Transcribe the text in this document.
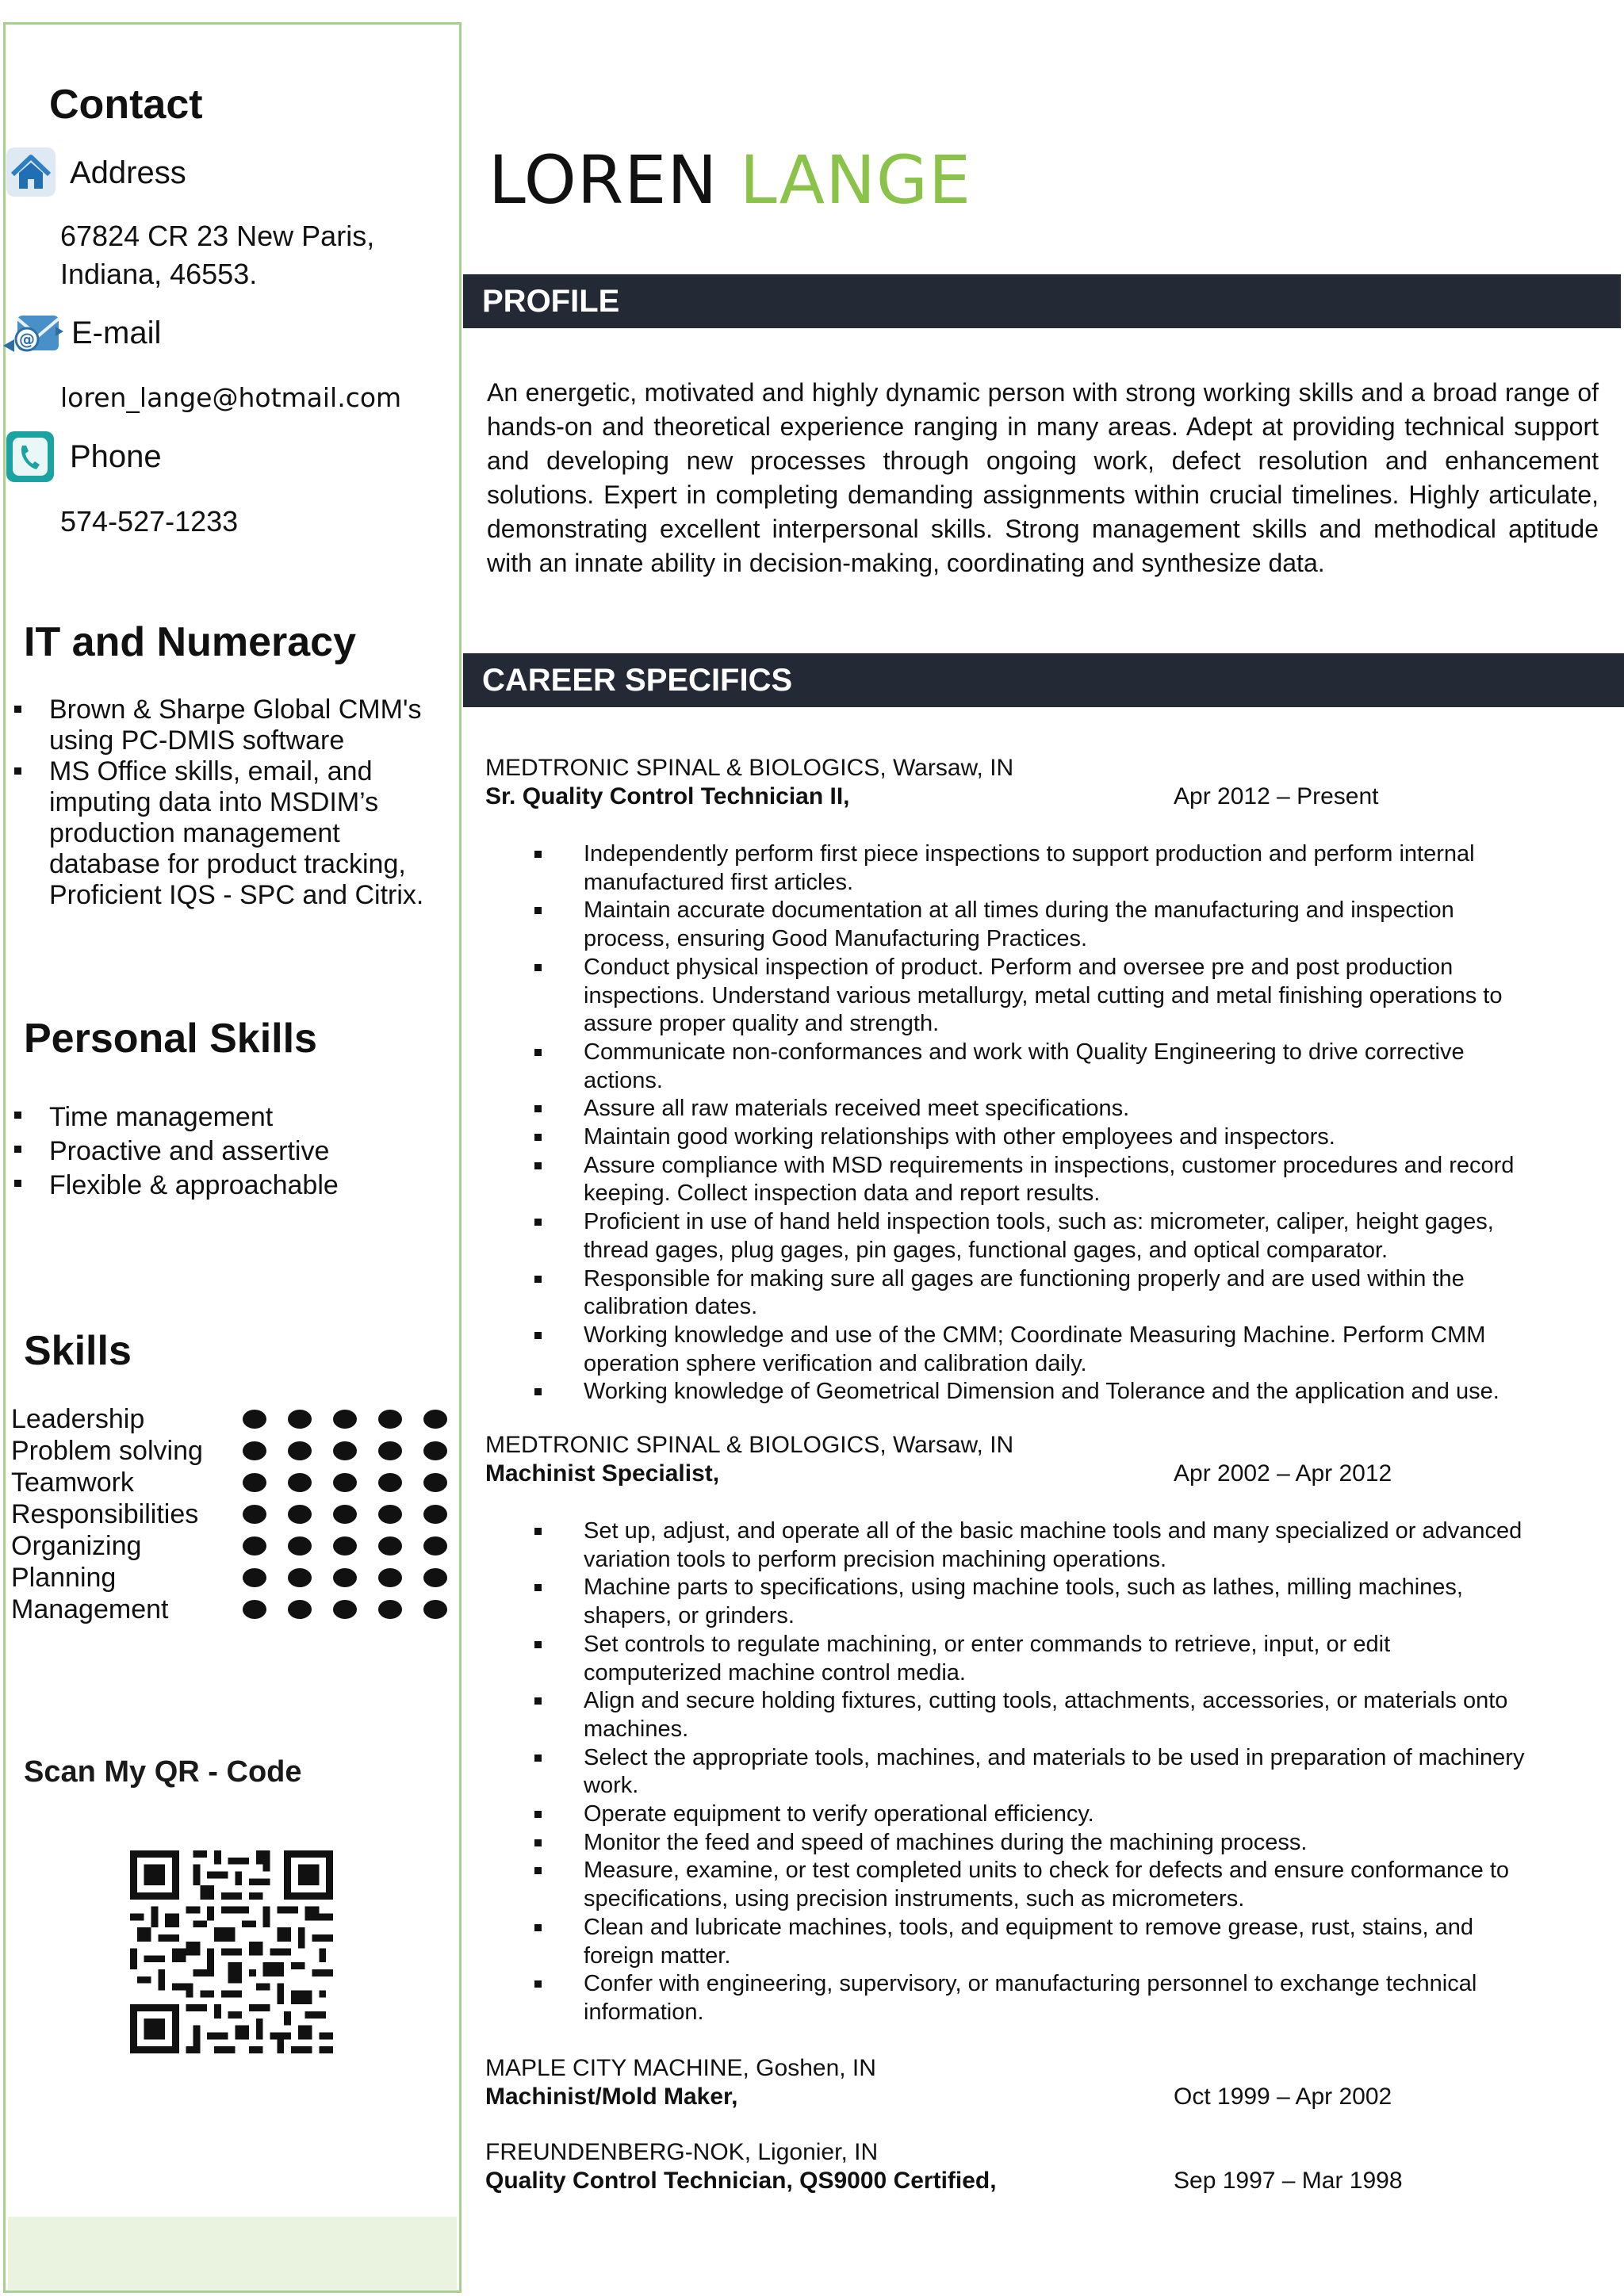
Contact
Address
67824 CR 23 New Paris,
Indiana, 46553.
@ E-mail
loren_lange@hotmail.com
Phone
574-527-1233
IT and Numeracy
Brown & Sharpe Global CMM's
using PC-DMIS software
MS Office skills, email, and
imputing data into MSDIM’s
production management
database for product tracking,
Proficient IQS - SPC and Citrix.
Personal Skills
Time management
Proactive and assertive
Flexible & approachable
Skills
Leadership
Problem solving
Teamwork
Responsibilities
Organizing
Planning
Management
Scan My QR - Code
LOREN LANGE
PROFILE
An energetic, motivated and highly dynamic person with strong working skills and a broad range of hands-on and theoretical experience ranging in many areas. Adept at providing technical support and developing new processes through ongoing work, defect resolution and enhancement solutions. Expert in completing demanding assignments within crucial timelines. Highly articulate, demonstrating excellent interpersonal skills. Strong management skills and methodical aptitude with an innate ability in decision-making, coordinating and synthesize data.
CAREER SPECIFICS
MEDTRONIC SPINAL & BIOLOGICS, Warsaw, IN
Sr. Quality Control Technician II,	Apr 2012 – Present
Independently perform first piece inspections to support production and perform internal
manufactured first articles.
Maintain accurate documentation at all times during the manufacturing and inspection
process, ensuring Good Manufacturing Practices.
Conduct physical inspection of product. Perform and oversee pre and post production
inspections. Understand various metallurgy, metal cutting and metal finishing operations to
assure proper quality and strength.
Communicate non-conformances and work with Quality Engineering to drive corrective
actions.
Assure all raw materials received meet specifications.
Maintain good working relationships with other employees and inspectors.
Assure compliance with MSD requirements in inspections, customer procedures and record
keeping. Collect inspection data and report results.
Proficient in use of hand held inspection tools, such as: micrometer, caliper, height gages,
thread gages, plug gages, pin gages, functional gages, and optical comparator.
Responsible for making sure all gages are functioning properly and are used within the
calibration dates.
Working knowledge and use of the CMM; Coordinate Measuring Machine. Perform CMM
operation sphere verification and calibration daily.
Working knowledge of Geometrical Dimension and Tolerance and the application and use.
MEDTRONIC SPINAL & BIOLOGICS, Warsaw, IN
Machinist Specialist,	Apr 2002 – Apr 2012
Set up, adjust, and operate all of the basic machine tools and many specialized or advanced
variation tools to perform precision machining operations.
Machine parts to specifications, using machine tools, such as lathes, milling machines,
shapers, or grinders.
Set controls to regulate machining, or enter commands to retrieve, input, or edit
computerized machine control media.
Align and secure holding fixtures, cutting tools, attachments, accessories, or materials onto
machines.
Select the appropriate tools, machines, and materials to be used in preparation of machinery
work.
Operate equipment to verify operational efficiency.
Monitor the feed and speed of machines during the machining process.
Measure, examine, or test completed units to check for defects and ensure conformance to
specifications, using precision instruments, such as micrometers.
Clean and lubricate machines, tools, and equipment to remove grease, rust, stains, and
foreign matter.
Confer with engineering, supervisory, or manufacturing personnel to exchange technical
information.
MAPLE CITY MACHINE, Goshen, IN
Machinist/Mold Maker,	Oct 1999 – Apr 2002
FREUNDENBERG-NOK, Ligonier, IN
Quality Control Technician, QS9000 Certified,	Sep 1997 – Mar 1998
